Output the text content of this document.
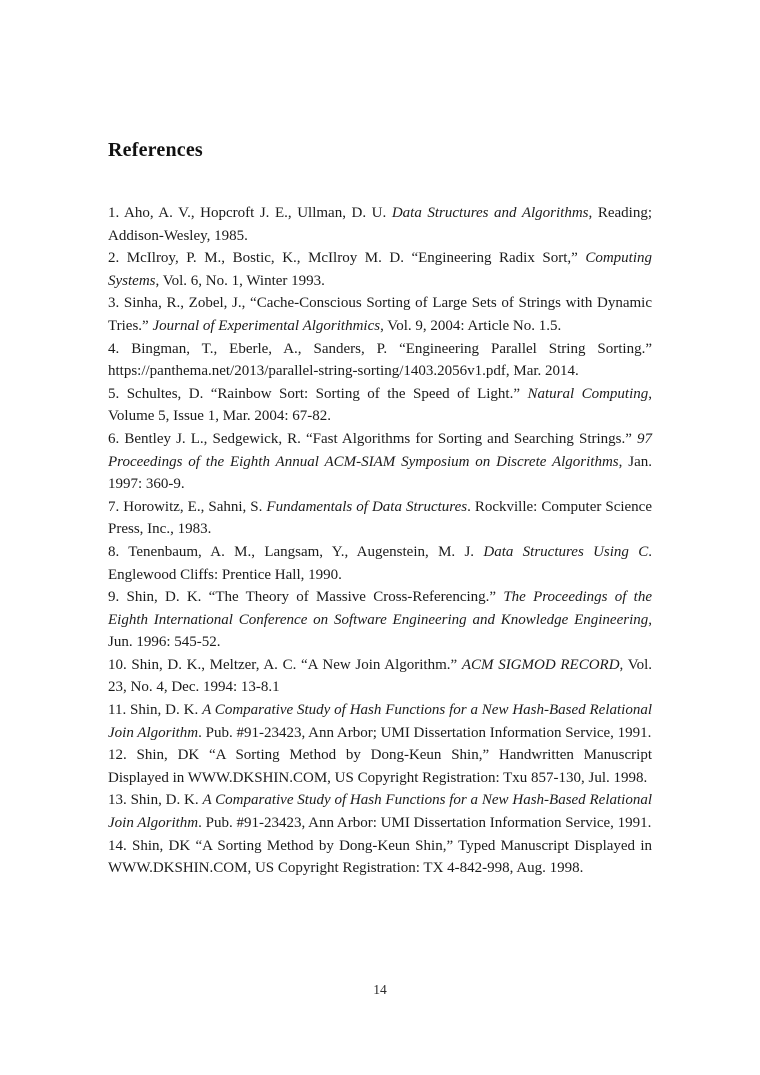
References

1. Aho, A. V., Hopcroft J. E., Ullman, D. U. Data Structures and Algorithms, Reading; Addison-Wesley, 1985.

2. McIlroy, P. M., Bostic, K., McIlroy M. D. “Engineering Radix Sort,” Computing Systems, Vol. 6, No. 1, Winter 1993.

3. Sinha, R., Zobel, J., “Cache-Conscious Sorting of Large Sets of Strings with Dynamic Tries.” Journal of Experimental Algorithmics, Vol. 9, 2004: Article No. 1.5.

4. Bingman, T., Eberle, A., Sanders, P. “Engineering Parallel String Sorting.” https://panthema.net/2013/parallel-string-sorting/1403.2056v1.pdf, Mar. 2014.

5. Schultes, D. “Rainbow Sort: Sorting of the Speed of Light.” Natural Computing, Volume 5, Issue 1, Mar. 2004: 67-82.

6. Bentley J. L., Sedgewick, R. “Fast Algorithms for Sorting and Searching Strings.” 97 Proceedings of the Eighth Annual ACM-SIAM Symposium on Discrete Algorithms, Jan. 1997: 360-9.

7. Horowitz, E., Sahni, S. Fundamentals of Data Structures. Rockville: Computer Science Press, Inc., 1983.

8. Tenenbaum, A. M., Langsam, Y., Augenstein, M. J. Data Structures Using C. Englewood Cliffs: Prentice Hall, 1990.

9. Shin, D. K. “The Theory of Massive Cross-Referencing.” The Proceedings of the Eighth International Conference on Software Engineering and Knowledge Engineering, Jun. 1996: 545-52.

10. Shin, D. K., Meltzer, A. C. “A New Join Algorithm.” ACM SIGMOD RECORD, Vol. 23, No. 4, Dec. 1994: 13-8.1

11. Shin, D. K. A Comparative Study of Hash Functions for a New Hash-Based Relational Join Algorithm. Pub. #91-23423, Ann Arbor; UMI Dissertation Information Service, 1991.

12. Shin, DK “A Sorting Method by Dong-Keun Shin,” Handwritten Manuscript Displayed in WWW.DKSHIN.COM, US Copyright Registration: Txu 857-130, Jul. 1998.

13. Shin, D. K. A Comparative Study of Hash Functions for a New Hash-Based Relational Join Algorithm. Pub. #91-23423, Ann Arbor: UMI Dissertation Information Service, 1991.

14. Shin, DK “A Sorting Method by Dong-Keun Shin,” Typed Manuscript Displayed in WWW.DKSHIN.COM, US Copyright Registration: TX 4-842-998, Aug. 1998.

14
